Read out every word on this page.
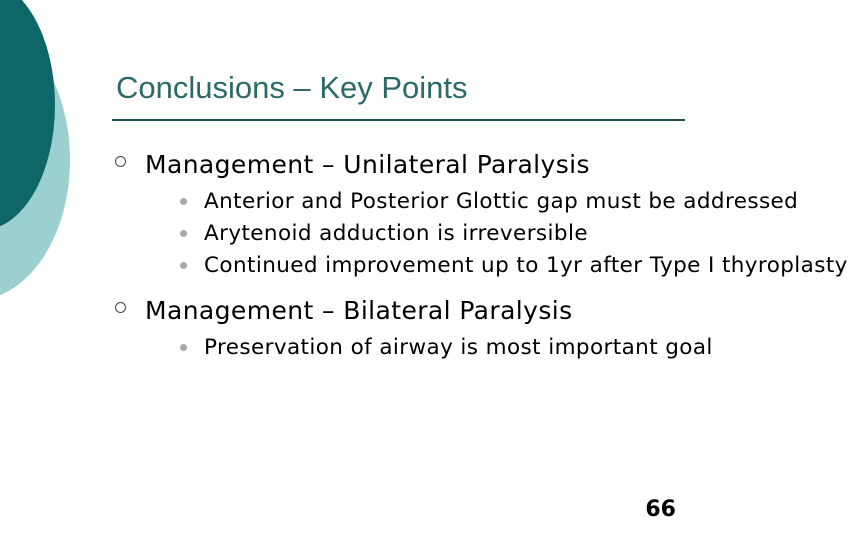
Conclusions – Key Points
Management – Unilateral Paralysis
Anterior and Posterior Glottic gap must be addressed
Arytenoid adduction is irreversible
Continued improvement up to 1yr after Type I thyroplasty
Management – Bilateral Paralysis
Preservation of airway is most important goal
66
